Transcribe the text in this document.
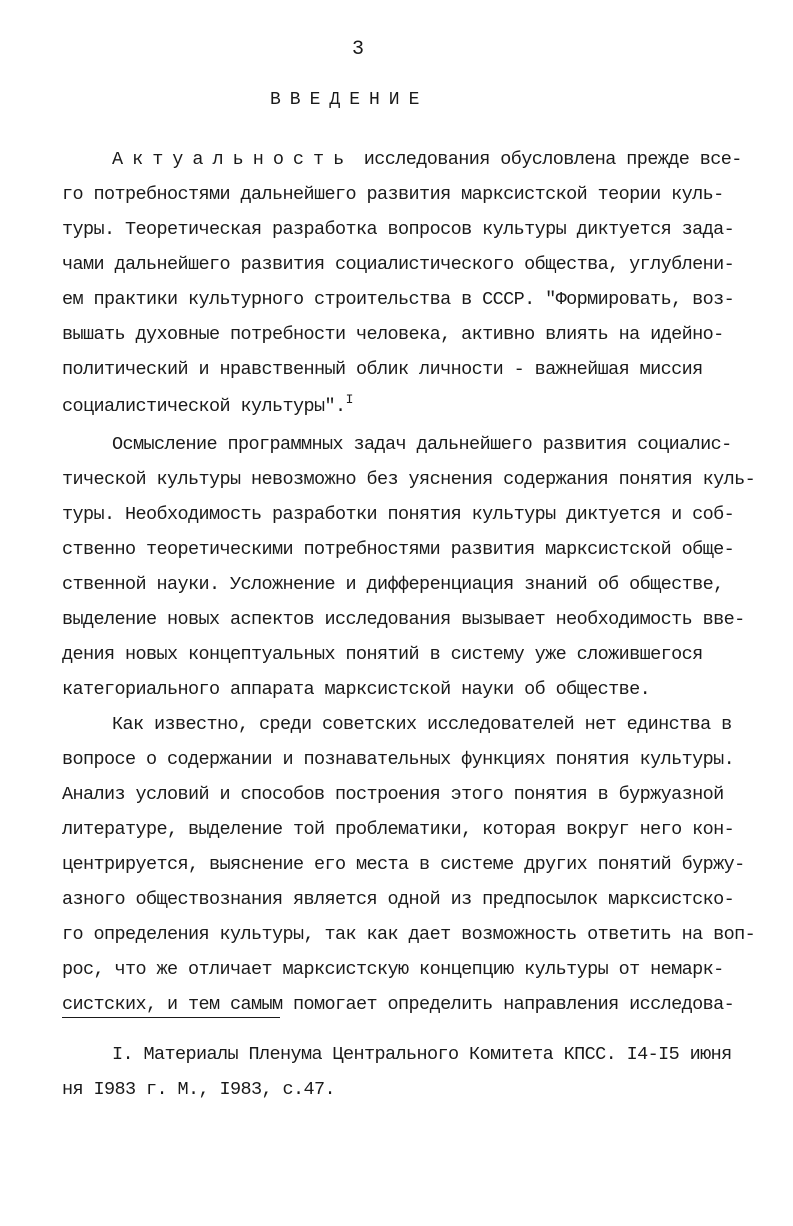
3
ВВЕДЕНИЕ
Актуальность исследования обусловлена прежде все-
го потребностями дальнейшего развития марксистской теории куль-
туры. Теоретическая разработка вопросов культуры диктуется зада-
чами дальнейшего развития социалистического общества, углублени-
ем практики культурного строительства в СССР. "Формировать, воз-
вышать духовные потребности человека, активно влиять на идейно-
политический и нравственный облик личности - важнейшая миссия
социалистической культуры".$^I$
Осмысление программных задач дальнейшего развития социалис-
тической культуры невозможно без уяснения содержания понятия куль-
туры. Необходимость разработки понятия культуры диктуется и соб-
ственно теоретическими потребностями развития марксистской обще-
ственной науки. Усложнение и дифференциация знаний об обществе,
выделение новых аспектов исследования вызывает необходимость вве-
дения новых концептуальных понятий в систему уже сложившегося
категориального аппарата марксистской науки об обществе.
Как известно, среди советских исследователей нет единства в
вопросе о содержании и познавательных функциях понятия культуры.
Анализ условий и способов построения этого понятия в буржуазной
литературе, выделение той проблематики, которая вокруг него кон-
центрируется, выяснение его места в системе других понятий буржу-
азного обществознания является одной из предпосылок марксистско-
го определения культуры, так как дает возможность ответить на воп-
рос, что же отличает марксистскую концепцию культуры от немарк-
систских, и тем самым помогает определить направления исследова-
I. Материалы Пленума Центрального Комитета КПСС. I4-I5 июня
ня I983 г. М., I983, с.47.
